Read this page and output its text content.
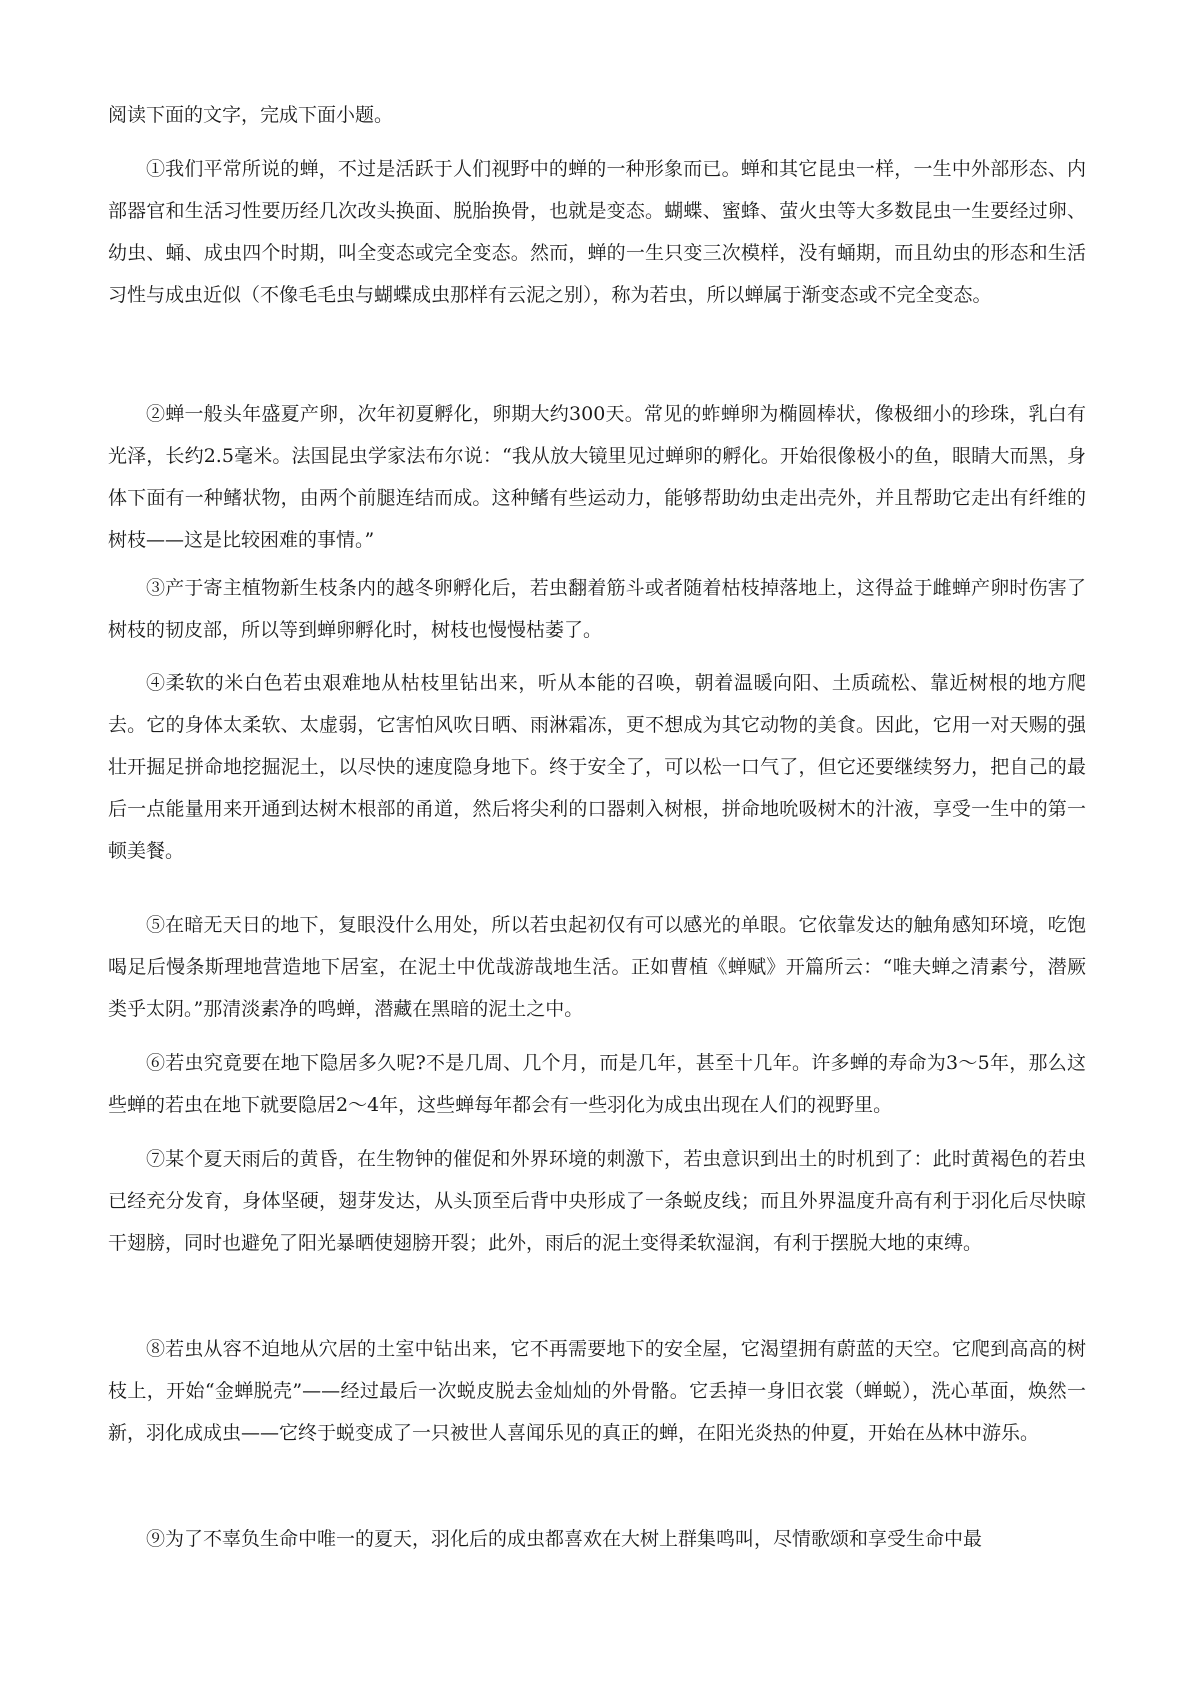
阅读下面的文字，完成下面小题。

①我们平常所说的蝉，不过是活跃于人们视野中的蝉的一种形象而已。蝉和其它昆虫一样，一生中外部形态、内部器官和生活习性要历经几次改头换面、脱胎换骨，也就是变态。蝴蝶、蜜蜂、萤火虫等大多数昆虫一生要经过卵、幼虫、蛹、成虫四个时期，叫全变态或完全变态。然而，蝉的一生只变三次模样，没有蛹期，而且幼虫的形态和生活习性与成虫近似（不像毛毛虫与蝴蝶成虫那样有云泥之别），称为若虫，所以蝉属于渐变态或不完全变态。

②蝉一般头年盛夏产卵，次年初夏孵化，卵期大约300天。常见的蚱蝉卵为椭圆棒状，像极细小的珍珠，乳白有光泽，长约2.5毫米。法国昆虫学家法布尔说：“我从放大镜里见过蝉卵的孵化。开始很像极小的鱼，眼睛大而黑，身体下面有一种鳍状物，由两个前腿连结而成。这种鳍有些运动力，能够帮助幼虫走出壳外，并且帮助它走出有纤维的树枝——这是比较困难的事情。”

③产于寄主植物新生枝条内的越冬卵孵化后，若虫翻着筋斗或者随着枯枝掉落地上，这得益于雌蝉产卵时伤害了树枝的韧皮部，所以等到蝉卵孵化时，树枝也慢慢枯萎了。

④柔软的米白色若虫艰难地从枯枝里钻出来，听从本能的召唤，朝着温暖向阳、土质疏松、靠近树根的地方爬去。它的身体太柔软、太虚弱，它害怕风吹日晒、雨淋霜冻，更不想成为其它动物的美食。因此，它用一对天赐的强壮开掘足拼命地挖掘泥土，以尽快的速度隐身地下。终于安全了，可以松一口气了，但它还要继续努力，把自己的最后一点能量用来开通到达树木根部的甬道，然后将尖利的口器刺入树根，拼命地吮吸树木的汁液，享受一生中的第一顿美餐。

⑤在暗无天日的地下，复眼没什么用处，所以若虫起初仅有可以感光的单眼。它依靠发达的触角感知环境，吃饱喝足后慢条斯理地营造地下居室，在泥土中优哉游哉地生活。正如曹植《蝉赋》开篇所云：“唯夫蝉之清素兮，潜厥类乎太阴。”那清淡素净的鸣蝉，潜藏在黑暗的泥土之中。

⑥若虫究竟要在地下隐居多久呢?不是几周、几个月，而是几年，甚至十几年。许多蝉的寿命为3～5年，那么这些蝉的若虫在地下就要隐居2～4年，这些蝉每年都会有一些羽化为成虫出现在人们的视野里。

⑦某个夏天雨后的黄昏，在生物钟的催促和外界环境的刺激下，若虫意识到出土的时机到了：此时黄褐色的若虫已经充分发育，身体坚硬，翅芽发达，从头顶至后背中央形成了一条蜕皮线；而且外界温度升高有利于羽化后尽快晾干翅膀，同时也避免了阳光暴晒使翅膀开裂；此外，雨后的泥土变得柔软湿润，有利于摆脱大地的束缚。

⑧若虫从容不迫地从穴居的土室中钻出来，它不再需要地下的安全屋，它渴望拥有蔚蓝的天空。它爬到高高的树枝上，开始“金蝉脱壳”——经过最后一次蜕皮脱去金灿灿的外骨骼。它丢掉一身旧衣裳（蝉蜕），洗心革面，焕然一新，羽化成成虫——它终于蜕变成了一只被世人喜闻乐见的真正的蝉，在阳光炎热的仲夏，开始在丛林中游乐。

⑨为了不辜负生命中唯一的夏天，羽化后的成虫都喜欢在大树上群集鸣叫，尽情歌颂和享受生命中最
